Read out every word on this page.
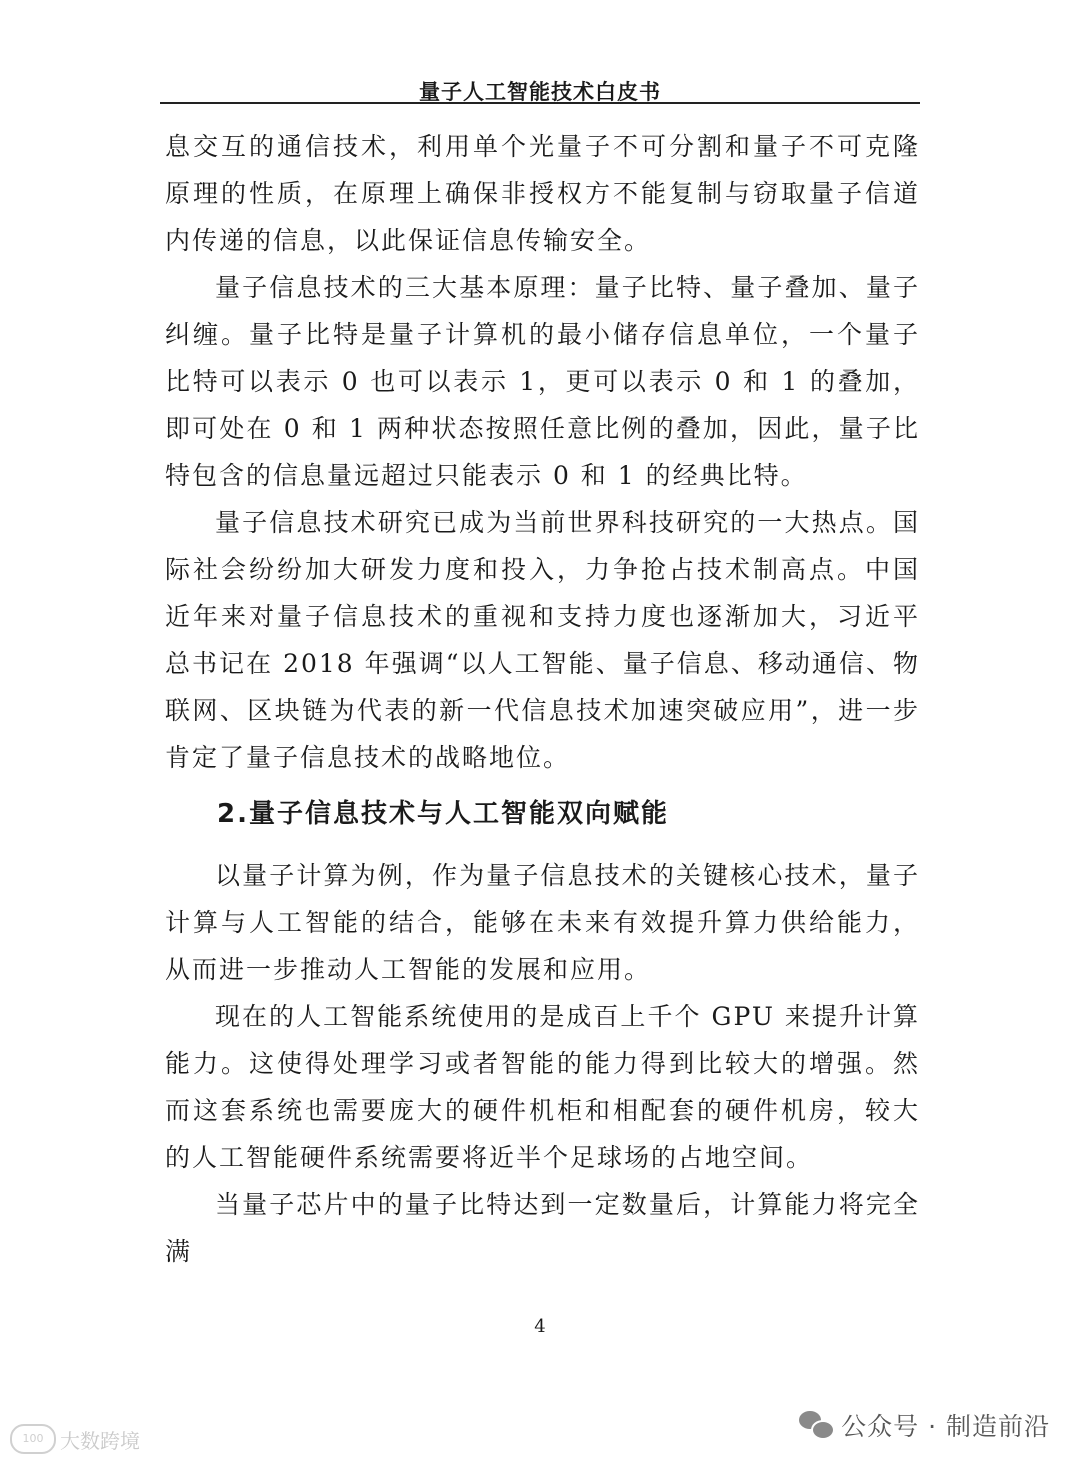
量子人工智能技术白皮书

息交互的通信技术，利用单个光量子不可分割和量子不可克隆原理的性质，在原理上确保非授权方不能复制与窃取量子信道内传递的信息，以此保证信息传输安全。

量子信息技术的三大基本原理：量子比特、量子叠加、量子纠缠。量子比特是量子计算机的最小储存信息单位，一个量子比特可以表示 0 也可以表示 1，更可以表示 0 和 1 的叠加，即可处在 0 和 1 两种状态按照任意比例的叠加，因此，量子比特包含的信息量远超过只能表示 0 和 1 的经典比特。

量子信息技术研究已成为当前世界科技研究的一大热点。国际社会纷纷加大研发力度和投入，力争抢占技术制高点。中国近年来对量子信息技术的重视和支持力度也逐渐加大，习近平总书记在 2018 年强调“以人工智能、量子信息、移动通信、物联网、区块链为代表的新一代信息技术加速突破应用”，进一步肯定了量子信息技术的战略地位。

2.量子信息技术与人工智能双向赋能

以量子计算为例，作为量子信息技术的关键核心技术，量子计算与人工智能的结合，能够在未来有效提升算力供给能力，从而进一步推动人工智能的发展和应用。

现在的人工智能系统使用的是成百上千个 GPU 来提升计算能力。这使得处理学习或者智能的能力得到比较大的增强。然而这套系统也需要庞大的硬件机柜和相配套的硬件机房，较大的人工智能硬件系统需要将近半个足球场的占地空间。

当量子芯片中的量子比特达到一定数量后，计算能力将完全满

4
100 大数跨境	公众号 · 制造前沿
